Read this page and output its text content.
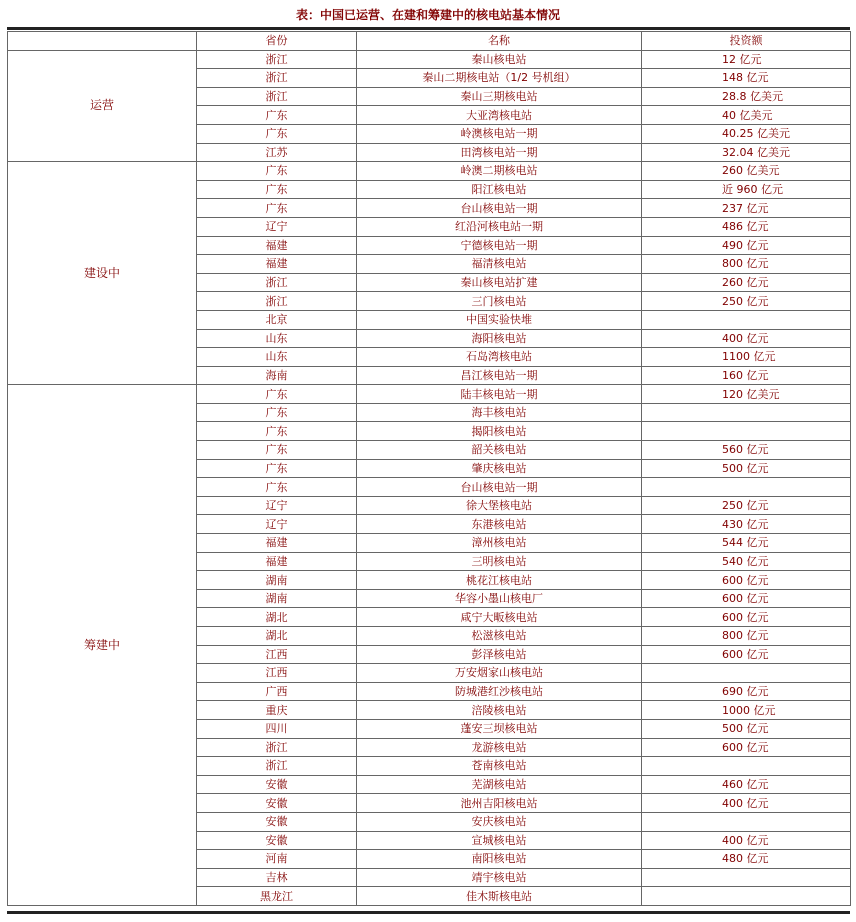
表：中国已运营、在建和筹建中的核电站基本情况
	省份	名称	投资额
运营	浙江	秦山核电站	12 亿元
	浙江	秦山二期核电站（1/2 号机组）	148 亿元
	浙江	秦山三期核电站	28.8 亿美元
	广东	大亚湾核电站	40 亿美元
	广东	岭澳核电站一期	40.25 亿美元
	江苏	田湾核电站一期	32.04 亿美元
建设中	广东	岭澳二期核电站	260 亿美元
	广东	阳江核电站	近 960 亿元
	广东	台山核电站一期	237 亿元
	辽宁	红沿河核电站一期	486 亿元
	福建	宁德核电站一期	490 亿元
	福建	福清核电站	800 亿元
	浙江	秦山核电站扩建	260 亿元
	浙江	三门核电站	250 亿元
	北京	中国实验快堆	
	山东	海阳核电站	400 亿元
	山东	石岛湾核电站	1100 亿元
	海南	昌江核电站一期	160 亿元
筹建中	广东	陆丰核电站一期	120 亿美元
	广东	海丰核电站	
	广东	揭阳核电站	
	广东	韶关核电站	560 亿元
	广东	肇庆核电站	500 亿元
	广东	台山核电站一期	
	辽宁	徐大堡核电站	250 亿元
	辽宁	东港核电站	430 亿元
	福建	漳州核电站	544 亿元
	福建	三明核电站	540 亿元
	湖南	桃花江核电站	600 亿元
	湖南	华容小墨山核电厂	600 亿元
	湖北	咸宁大畈核电站	600 亿元
	湖北	松滋核电站	800 亿元
	江西	彭泽核电站	600 亿元
	江西	万安烟家山核电站	
	广西	防城港红沙核电站	690 亿元
	重庆	涪陵核电站	1000 亿元
	四川	蓬安三坝核电站	500 亿元
	浙江	龙游核电站	600 亿元
	浙江	苍南核电站	
	安徽	芜湖核电站	460 亿元
	安徽	池州吉阳核电站	400 亿元
	安徽	安庆核电站	
	安徽	宣城核电站	400 亿元
	河南	南阳核电站	480 亿元
	吉林	靖宇核电站	
	黑龙江	佳木斯核电站	
